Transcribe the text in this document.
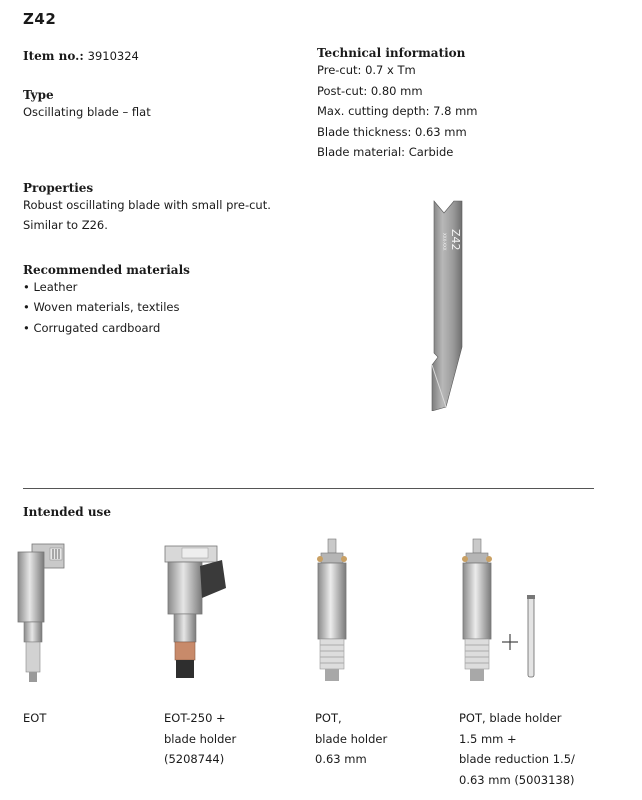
Z42
Item no.: 3910324
Type
Oscillating blade – flat
Technical information
Pre-cut: 0.7 x Tm
Post-cut: 0.80 mm
Max. cutting depth: 7.8 mm
Blade thickness: 0.63 mm
Blade material: Carbide
Properties
Robust oscillating blade with small pre-cut.
Similar to Z26.
Recommended materials
• Leather
• Woven materials, textiles
• Corrugated cardboard
Z42
XXX-XXX
Intended use
EOT	EOT-250 +
blade holder
(5208744)
POT,
blade holder
0.63 mm
POT, blade holder
1.5 mm +
blade reduction 1.5/
0.63 mm (5003138)
